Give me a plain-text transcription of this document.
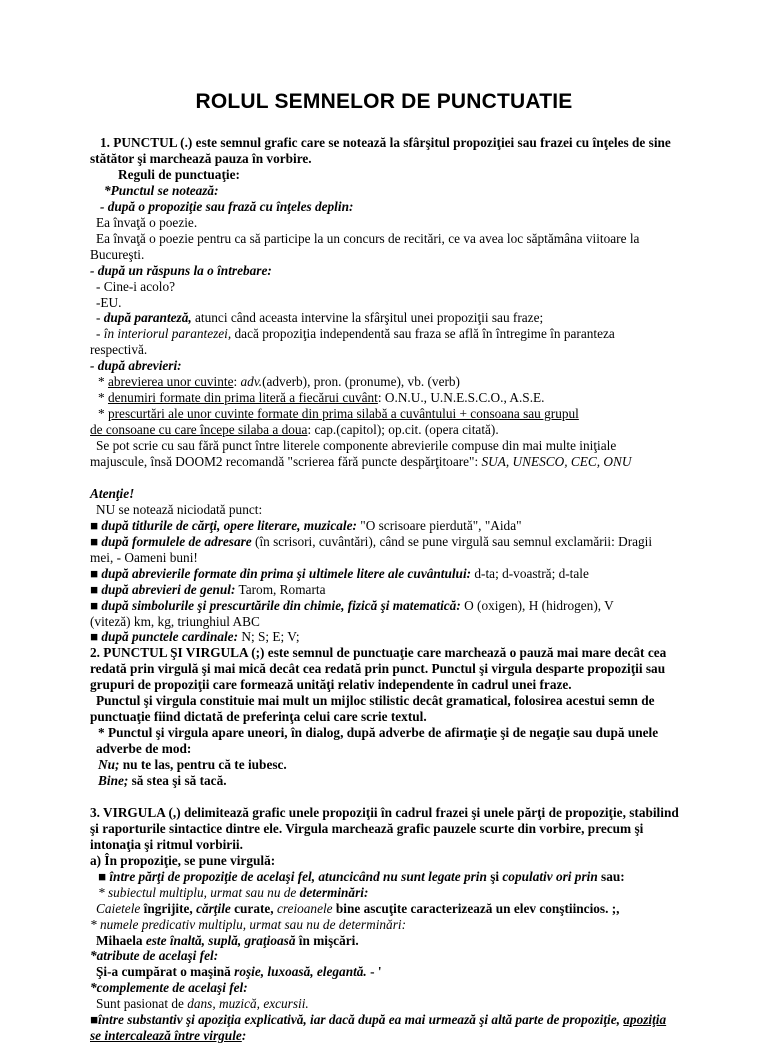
ROLUL SEMNELOR DE PUNCTUATIE
1. PUNCTUL (.) este semnul grafic care se notează la sfârşitul propoziţiei sau frazei cu înţeles de sine
stătător şi marchează pauza în vorbire.
Reguli de punctuaţie:
*Punctul se notează:
- după o propoziţie sau frază cu înţeles deplin:
Ea învaţă o poezie.
Ea învaţă o poezie pentru ca să participe la un concurs de recitări, ce va avea loc săptămâna viitoare la
Bucureşti.
- după un răspuns la o întrebare:
- Cine-i acolo?
-EU.
- după paranteză, atunci când aceasta intervine la sfârşitul unei propoziţii sau fraze;
- în interiorul parantezei, dacă propoziţia independentă sau fraza se află în întregime în paranteza
respectivă.
- după abrevieri:
* abrevierea unor cuvinte: adv.(adverb), pron. (pronume), vb. (verb)
* denumiri formate din prima literă a fiecărui cuvânt: O.N.U., U.N.E.S.C.O., A.S.E.
* prescurtări ale unor cuvinte formate din prima silabă a cuvântului + consoana sau grupul
de consoane cu care începe silaba a doua: cap.(capitol); op.cit. (opera citată).
Se pot scrie cu sau fără punct între literele componente abrevierile compuse din mai multe iniţiale
majuscule, însă DOOM2 recomandă "scrierea fără puncte despărţitoare": SUA, UNESCO, CEC, ONU
Atenţie!
NU se notează niciodată punct:
■ după titlurile de cărţi, opere literare, muzicale: "O scrisoare pierdută", "Aida"
■ după formulele de adresare (în scrisori, cuvântări), când se pune virgulă sau semnul exclamării: Dragii
mei, - Oameni buni!
■ după abrevierile formate din prima şi ultimele litere ale cuvântului: d-ta; d-voastră; d-tale
■ după abrevieri de genul: Tarom, Romarta
■ după simbolurile şi prescurtările din chimie, fizică şi matematică: O (oxigen), H (hidrogen), V
(viteză) km, kg, triunghiul ABC
■ după punctele cardinale: N; S; E; V;
2. PUNCTUL ŞI VIRGULA (;) este semnul de punctuaţie care marchează o pauză mai mare decât cea
redată prin virgulă şi mai mică decât cea redată prin punct. Punctul şi virgula desparte propoziţii sau
grupuri de propoziţii care formează unităţi relativ independente în cadrul unei fraze.
Punctul şi virgula constituie mai mult un mijloc stilistic decât gramatical, folosirea acestui semn de
punctuaţie fiind dictată de preferinţa celui care scrie textul.
* Punctul şi virgula apare uneori, în dialog, după adverbe de afirmaţie şi de negaţie sau după unele
adverbe de mod:
Nu; nu te las, pentru că te iubesc.
Bine; să stea şi să tacă.
3. VIRGULA (,) delimitează grafic unele propoziţii în cadrul frazei şi unele părţi de propoziţie, stabilind
şi raporturile sintactice dintre ele. Virgula marchează grafic pauzele scurte din vorbire, precum şi
intonaţia şi ritmul vorbirii.
a) În propoziţie, se pune virgulă:
■ între părţi de propoziţie de acelaşi fel, atuncicând nu sunt legate prin şi copulativ ori prin sau:
* subiectul multiplu, urmat sau nu de determinări:
Caietele îngrijite, cărţile curate, creioanele bine ascuţite caracterizează un elev conştiincios. ;,
* numele predicativ multiplu, urmat sau nu de determinări:
Mihaela este înaltă, suplă, graţioasă în mişcări.
*atribute de acelaşi fel:
Şi-a cumpărat o maşină roşie, luxoasă, elegantă. - '
*complemente de acelaşi fel:
Sunt pasionat de dans, muzică, excursii.
■între substantiv şi apoziţia explicativă, iar dacă după ea mai urmează şi altă parte de propoziţie, apoziţia
se intercalează între virgule:
